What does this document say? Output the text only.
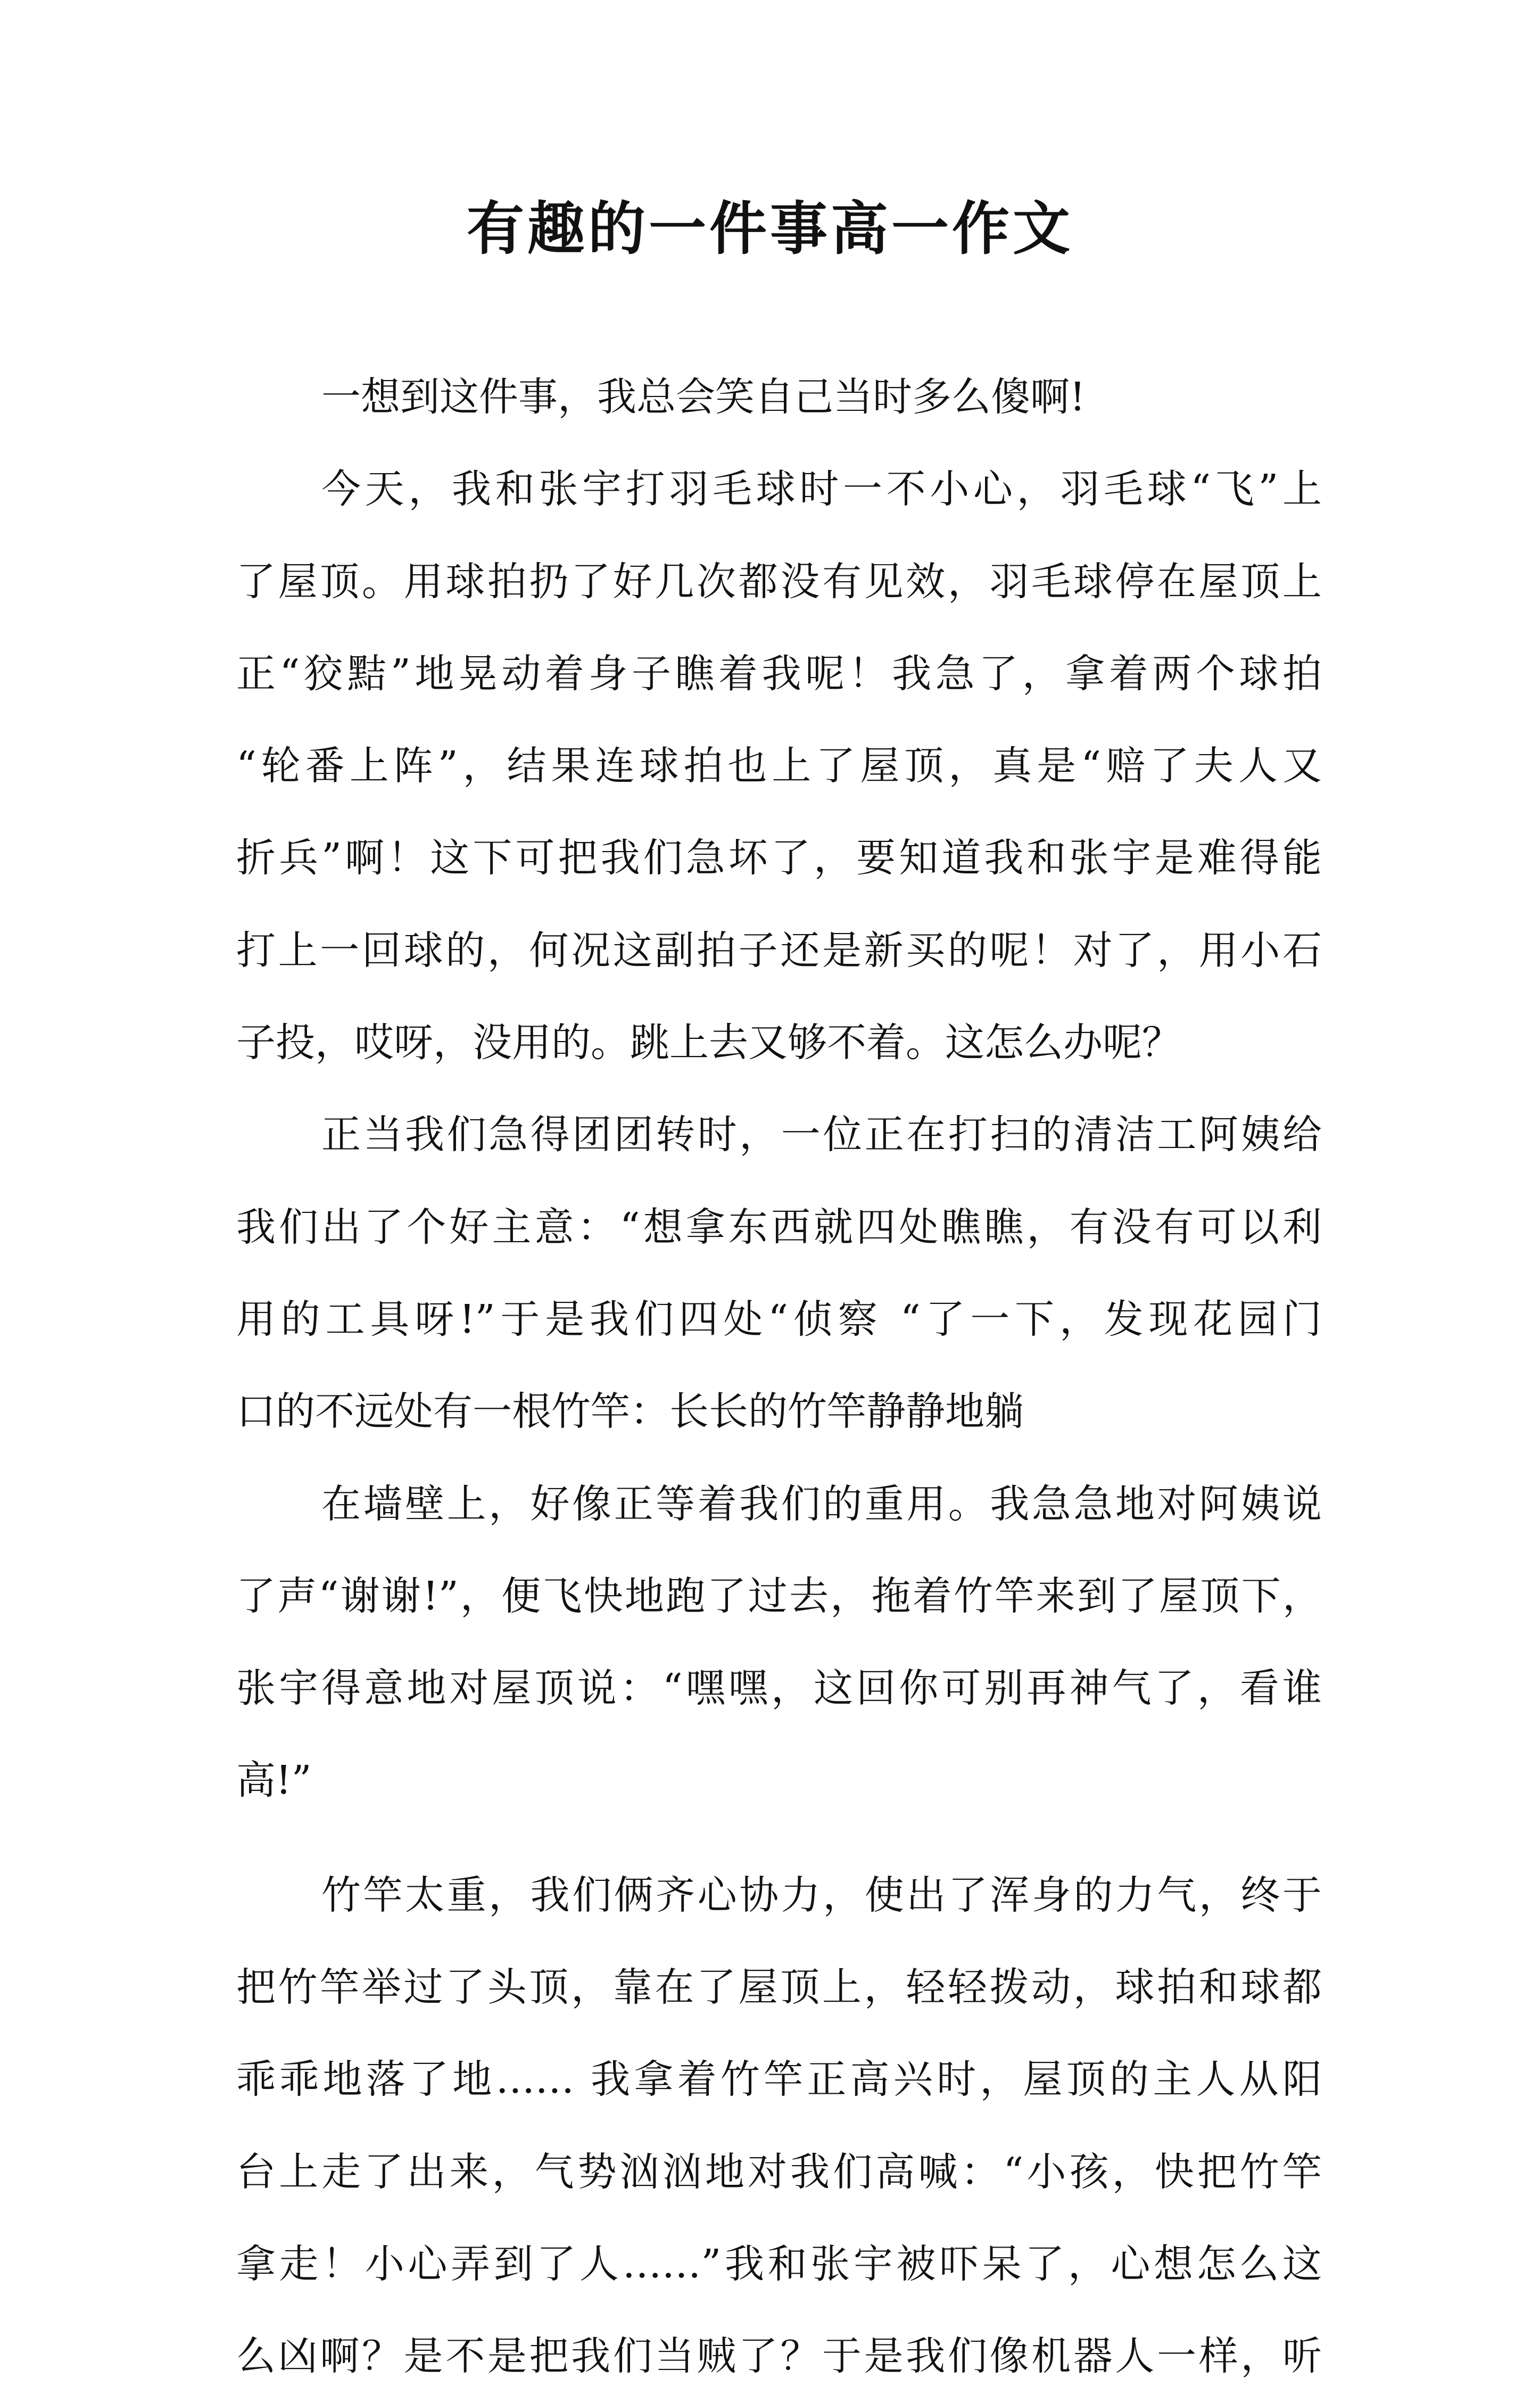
有趣的一件事高一作文
一想到这件事，我总会笑自己当时多么傻啊!
今天，我和张宇打羽毛球时一不小心，羽毛球“飞”上
了屋顶。用球拍扔了好几次都没有见效，羽毛球停在屋顶上
正“狡黠”地晃动着身子瞧着我呢！我急了，拿着两个球拍
“轮番上阵”，结果连球拍也上了屋顶，真是“赔了夫人又
折兵”啊！这下可把我们急坏了，要知道我和张宇是难得能
打上一回球的，何况这副拍子还是新买的呢！对了，用小石
子投，哎呀，没用的。跳上去又够不着。这怎么办呢？
正当我们急得团团转时，一位正在打扫的清洁工阿姨给
我们出了个好主意：“想拿东西就四处瞧瞧，有没有可以利
用的工具呀!”于是我们四处“侦察 “了一下，发现花园门
口的不远处有一根竹竿：长长的竹竿静静地躺
在墙壁上，好像正等着我们的重用。我急急地对阿姨说
了声“谢谢!”，便飞快地跑了过去，拖着竹竿来到了屋顶下，
张宇得意地对屋顶说：“嘿嘿，这回你可别再神气了，看谁
高!”
竹竿太重，我们俩齐心协力，使出了浑身的力气，终于
把竹竿举过了头顶，靠在了屋顶上，轻轻拨动，球拍和球都
乖乖地落了地…… 我拿着竹竿正高兴时，屋顶的主人从阳
台上走了出来，气势汹汹地对我们高喊：“小孩，快把竹竿
拿走！小心弄到了人……”我和张宇被吓呆了，心想怎么这
么凶啊？是不是把我们当贼了？于是我们像机器人一样，听
